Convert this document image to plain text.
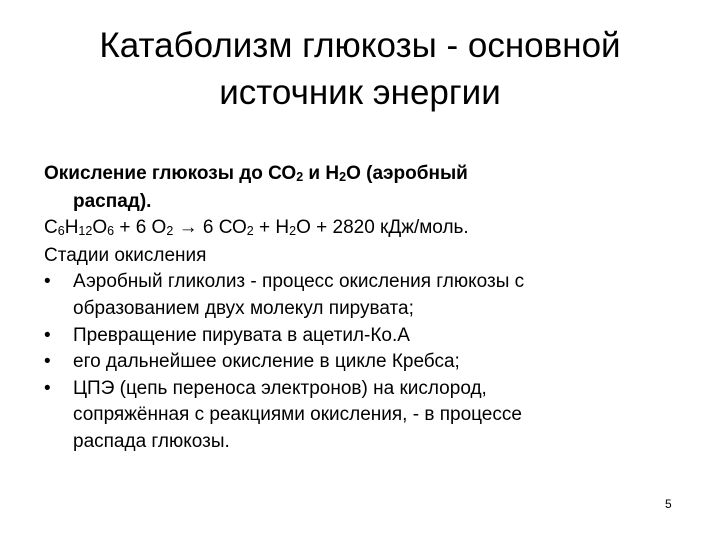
Катаболизм глюкозы - основной
источник энергии

Окисление глюкозы до СО2 и Н2О (аэробный

распад).

С6Н12О6 + 6 О2 → 6 СО2 + Н2О + 2820 кДж/моль.

Стадии окисления

•	Аэробный гликолиз - процесс окисления глюкозы с
образованием двух молекул пирувата;
•	Превращение пирувата в ацетил-Ко.А
•	его дальнейшее окисление в цикле Кребса;
•	ЦПЭ (цепь переноса электронов) на кислород,
сопряжённая с реакциями окисления, - в процессе
распада глюкозы.
5
